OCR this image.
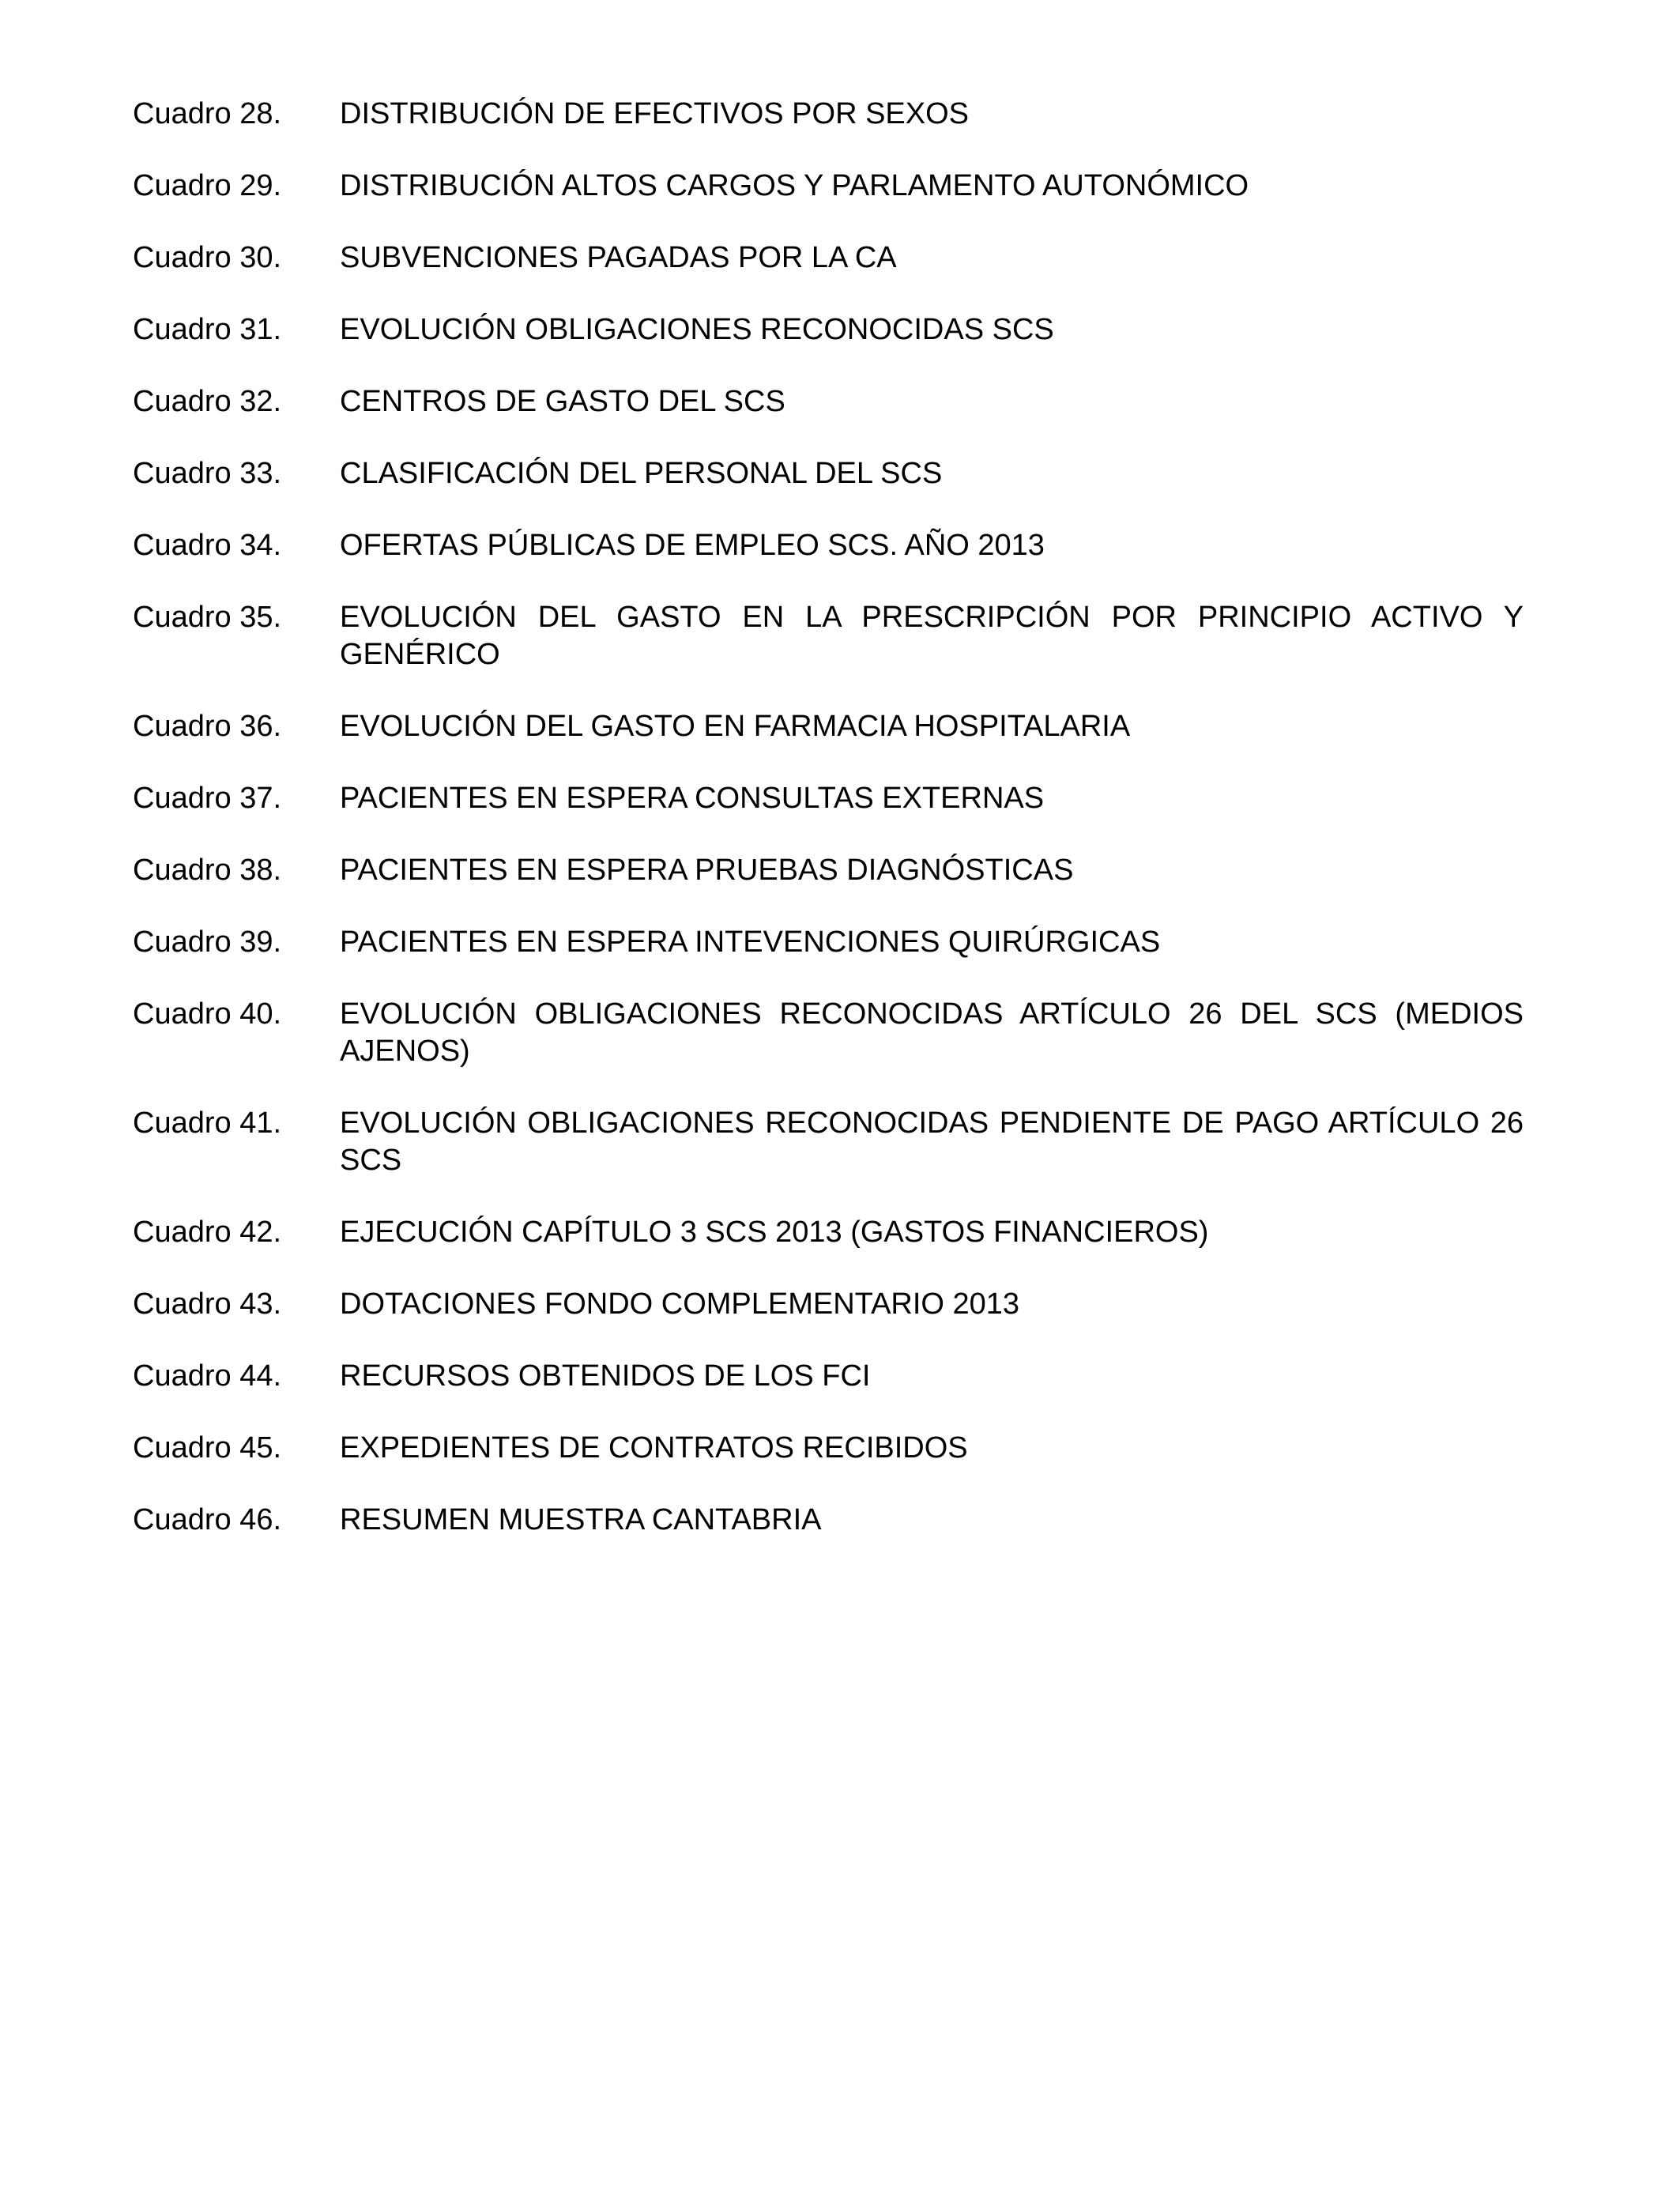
Cuadro 28.	DISTRIBUCIÓN DE EFECTIVOS POR SEXOS
Cuadro 29.	DISTRIBUCIÓN ALTOS CARGOS Y PARLAMENTO AUTONÓMICO
Cuadro 30.	SUBVENCIONES PAGADAS POR LA CA
Cuadro 31.	EVOLUCIÓN OBLIGACIONES RECONOCIDAS SCS
Cuadro 32.	CENTROS DE GASTO DEL SCS
Cuadro 33.	CLASIFICACIÓN DEL PERSONAL DEL SCS
Cuadro 34.	OFERTAS PÚBLICAS DE EMPLEO SCS. AÑO 2013
Cuadro 35.	EVOLUCIÓN DEL GASTO EN LA PRESCRIPCIÓN POR PRINCIPIO ACTIVO Y GENÉRICO
Cuadro 36.	EVOLUCIÓN DEL GASTO EN FARMACIA HOSPITALARIA
Cuadro 37.	PACIENTES EN ESPERA CONSULTAS EXTERNAS
Cuadro 38.	PACIENTES EN ESPERA PRUEBAS DIAGNÓSTICAS
Cuadro 39.	PACIENTES EN ESPERA INTEVENCIONES QUIRÚRGICAS
Cuadro 40.	EVOLUCIÓN OBLIGACIONES RECONOCIDAS ARTÍCULO 26 DEL SCS (MEDIOS AJENOS)
Cuadro 41.	EVOLUCIÓN OBLIGACIONES RECONOCIDAS PENDIENTE DE PAGO ARTÍCULO 26 SCS
Cuadro 42.	EJECUCIÓN CAPÍTULO 3 SCS 2013 (GASTOS FINANCIEROS)
Cuadro 43.	DOTACIONES FONDO COMPLEMENTARIO 2013
Cuadro 44.	RECURSOS OBTENIDOS DE LOS FCI
Cuadro 45.	EXPEDIENTES DE CONTRATOS RECIBIDOS
Cuadro 46.	RESUMEN MUESTRA CANTABRIA
